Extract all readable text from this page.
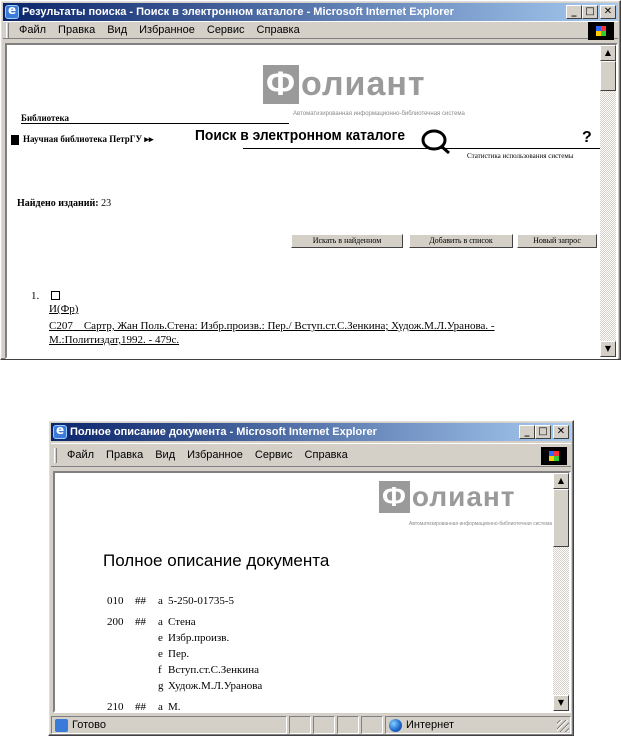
e
Результаты поиска - Поиск в электронном каталоге - Microsoft Internet Explorer	_ □ ✕
Файл	Правка	Вид	Избранное	Сервис	Справка
Ф олиант
Автоматизированная информационно-библиотечная система
Библиотека
Научная библиотека ПетрГУ ▸▸	Поиск в электронном каталоге	?
Статистика использования системы
Найдено изданий: 23
Искать в найденном	Добавить в список	Новый запрос
1.
И(Фр)
С207 Сартр, Жан Поль.Стена: Избр.произв.: Пер./ Вступ.ст.С.Зенкина; Худож.М.Л.Уранова. -
М.:Политиздат,1992. - 479с.
▲
▼
e
Полное описание документа - Microsoft Internet Explorer	_ □ ✕
Файл	Правка	Вид	Избранное	Сервис	Справка
Ф олиант
Автоматизированная информационно-библиотечная система
Полное описание документа
010 ## a 5-250-01735-5
200 ## a Стена
e Избр.произв.
e Пер.
f Вступ.ст.С.Зенкина
g Худож.М.Л.Уранова
210 ## a М.
▲
▼
Готово	Интернет
